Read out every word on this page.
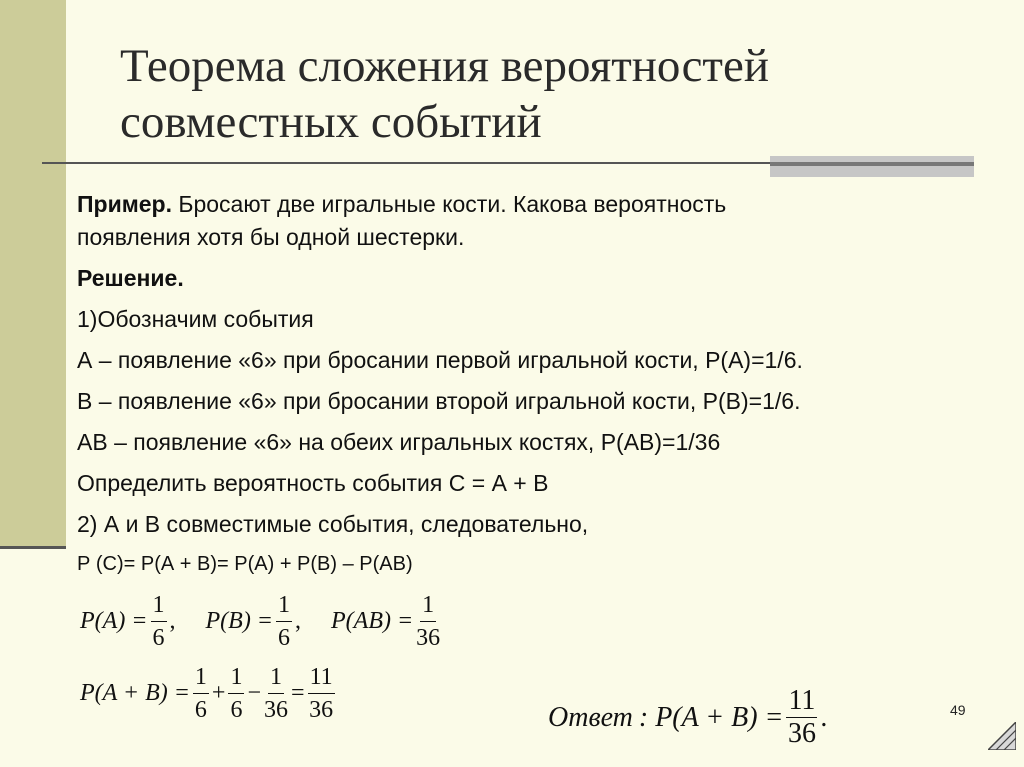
Теорема сложения вероятностей
совместных событий
Пример. Бросают две игральные кости. Какова вероятность
появления хотя бы одной шестерки.
Решение.
1)Обозначим события
А – появление «6» при бросании первой игральной кости, Р(А)=1/6.
В – появление «6» при бросании второй игральной кости, Р(В)=1/6.
АВ – появление «6» на обеих игральных костях, Р(АВ)=1/36
Определить вероятность события С = А + В
2) А и В совместимые события, следовательно,
Р (С)= Р(А + В)= Р(А) + Р(В) – Р(АВ)
$P(A) = \frac{1}{6}$ , $P(B) = \frac{1}{6}$ , $P(AB) = \frac{1}{36}$
$P(A + B) = \frac{1}{6} + \frac{1}{6} - \frac{1}{36} = \frac{11}{36}$	Ответ : $P(A + B) = \frac{11}{36}$ .	49
